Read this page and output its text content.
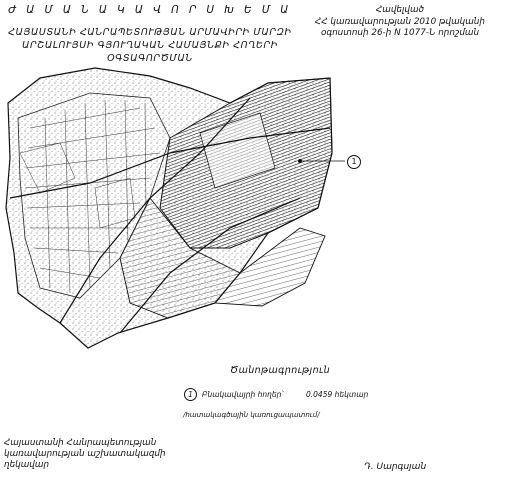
Ժ Ա Մ Ա Ն Ա Կ Ա Վ Ո Ր Ս Խ Ե Մ Ա
ՀԱՅԱՍՏԱՆԻ ՀԱՆՐԱՊԵՏՈՒԹՅԱՆ ԱՐՄԱՎԻՐԻ ՄԱՐԶԻ
ԱՐՇԱԼՈՒՅՍԻ ԳՅՈՒՂԱԿԱՆ ՀԱՄԱՅՆՔԻ ՀՈՂԵՐԻ
ՕԳՏԱԳՈՐԾՄԱՆ
Հավելված
ՀՀ կառավարության 2010 թվականի
օգոստոսի 26-ի N 1077-Ն որոշման
1
Ծանոթագրություն
1	Բնակավայրի հողեր՝	0.0459 հեկտար
/հատակագծային կառուցապատում/
Հայաստանի Հանրապետության
կառավարության աշխատակազմի
ղեկավար	Դ. Սարգսյան
